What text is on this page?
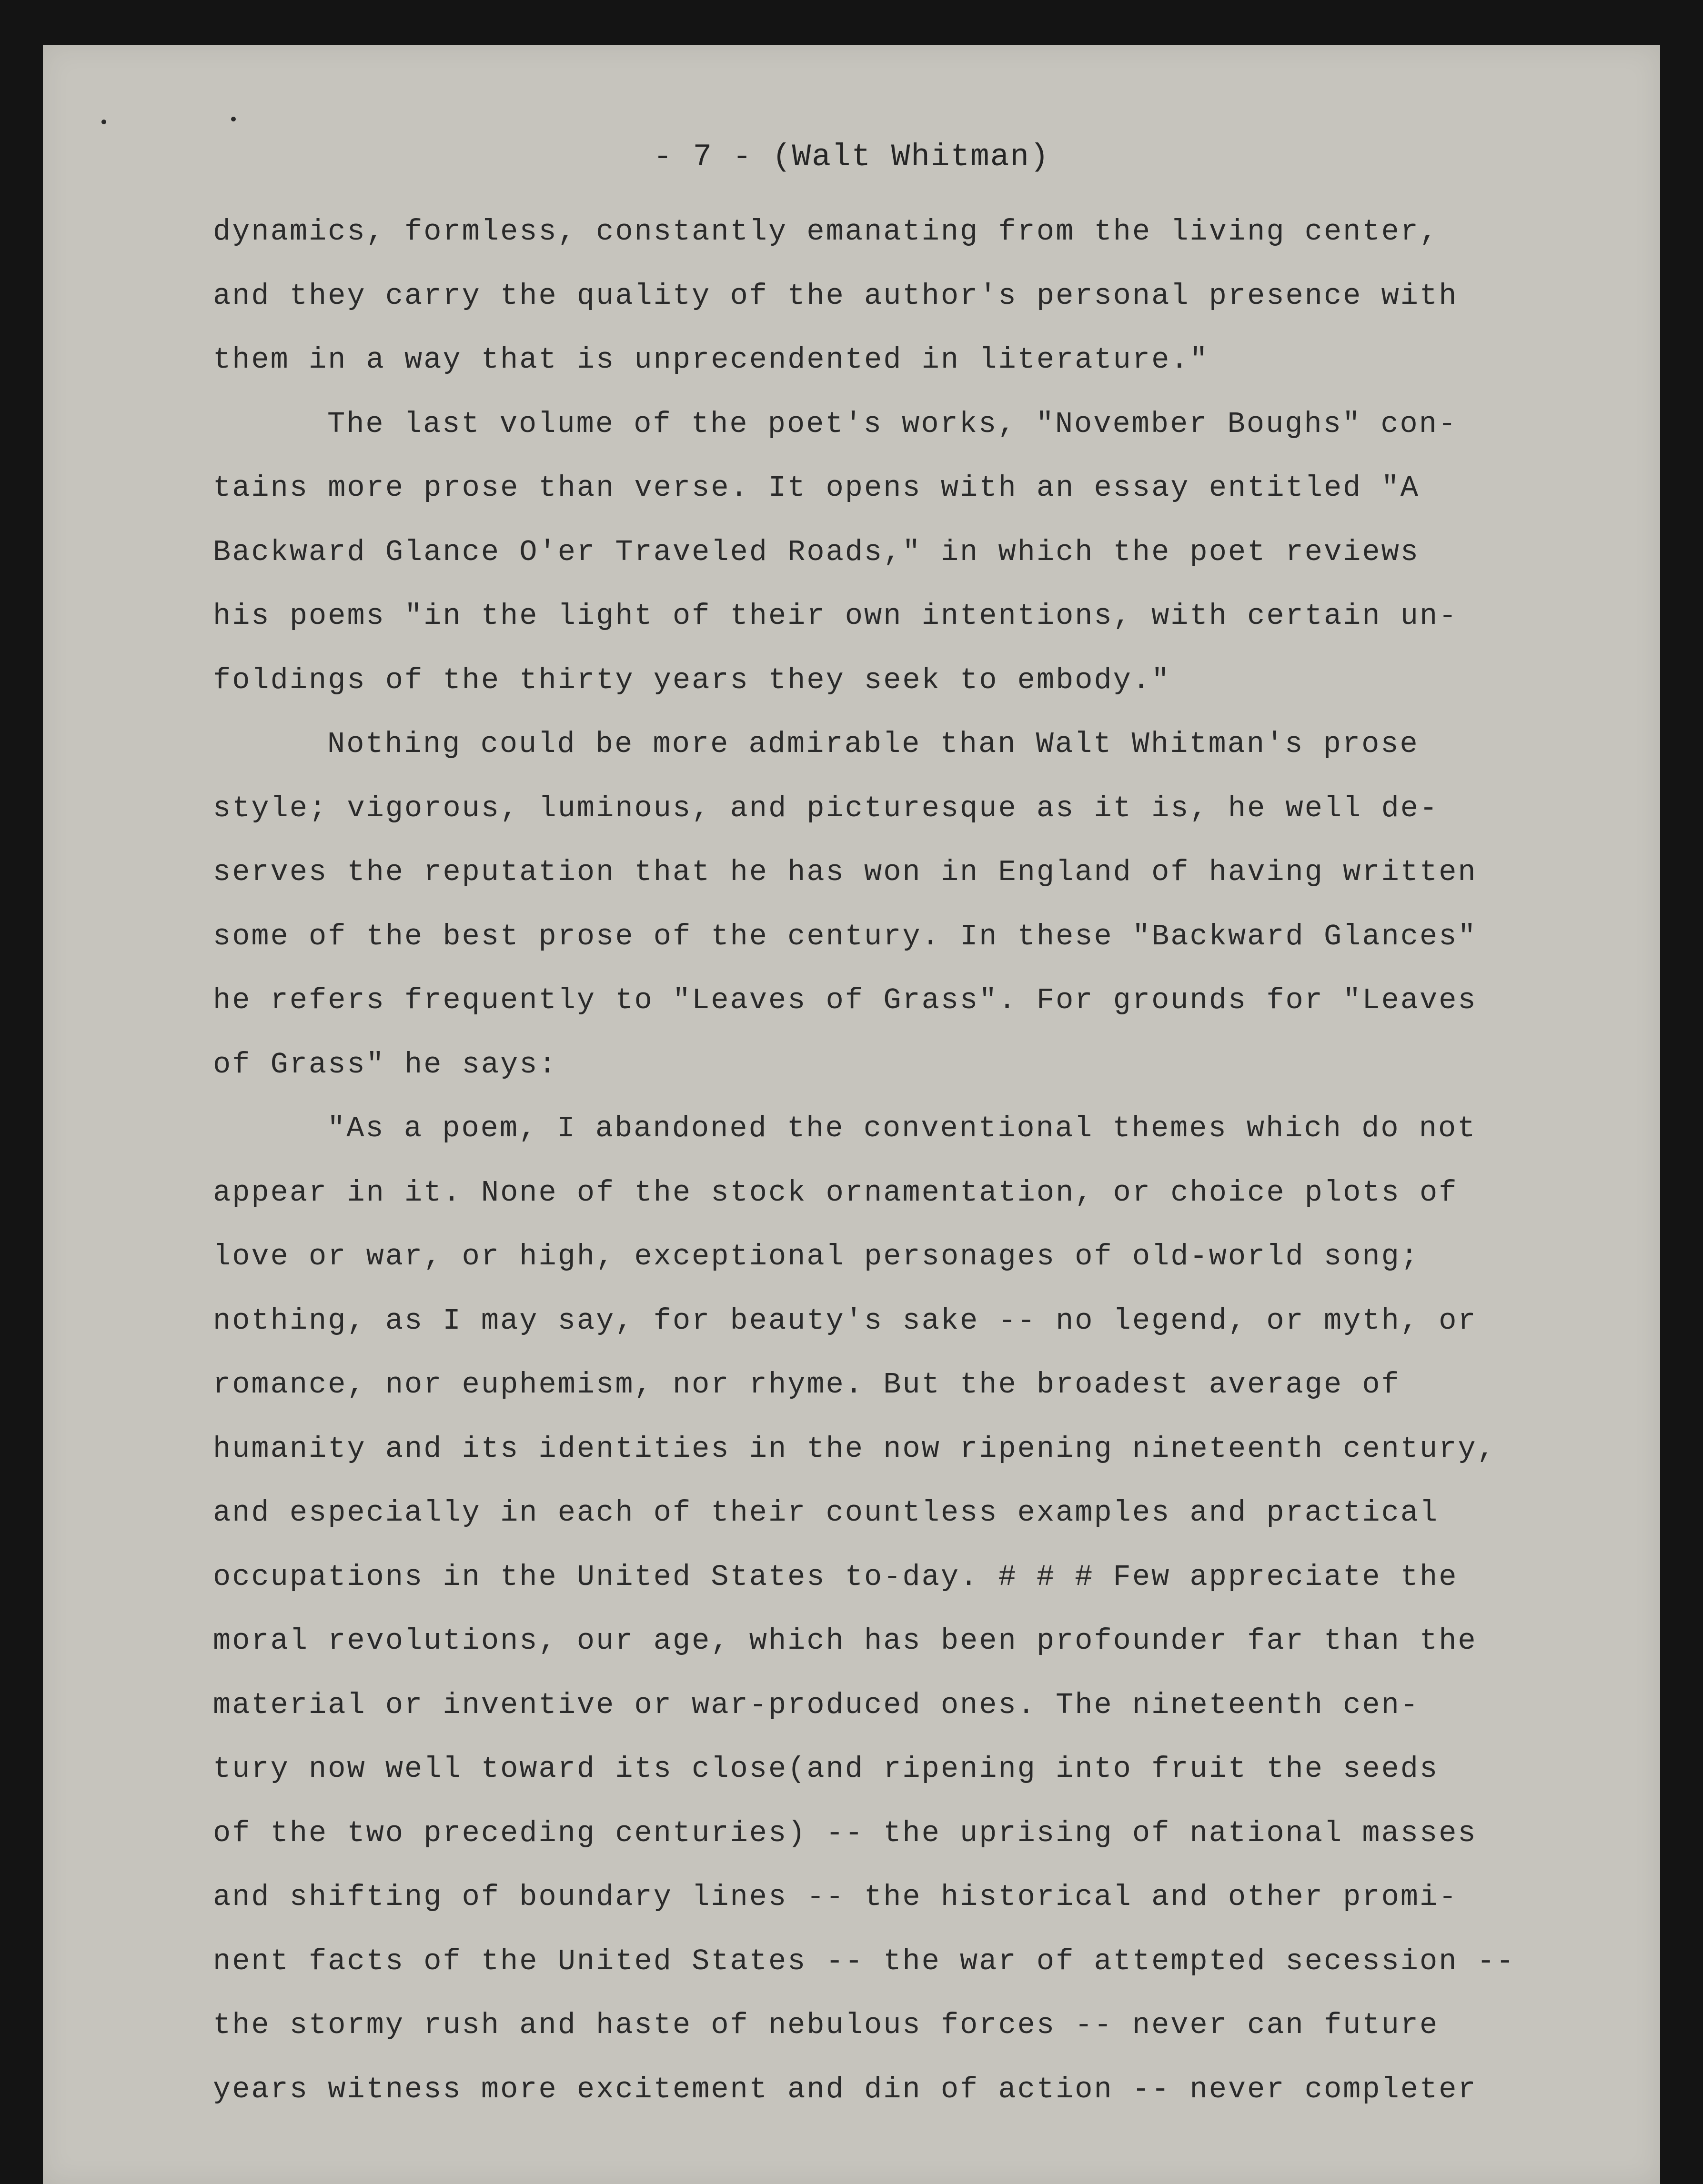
- 7 - (Walt Whitman)
dynamics, formless, constantly emanating from the living center,
and they carry the quality of the author's personal presence with
them in a way that is unprecendented in literature."
The last volume of the poet's works, "November Boughs" con-
tains more prose than verse. It opens with an essay entitled "A
Backward Glance O'er Traveled Roads," in which the poet reviews
his poems "in the light of their own intentions, with certain un-
foldings of the thirty years they seek to embody."
Nothing could be more admirable than Walt Whitman's prose
style; vigorous, luminous, and picturesque as it is, he well de-
serves the reputation that he has won in England of having written
some of the best prose of the century. In these "Backward Glances"
he refers frequently to "Leaves of Grass". For grounds for "Leaves
of Grass" he says:
"As a poem, I abandoned the conventional themes which do not
appear in it. None of the stock ornamentation, or choice plots of
love or war, or high, exceptional personages of old-world song;
nothing, as I may say, for beauty's sake -- no legend, or myth, or
romance, nor euphemism, nor rhyme. But the broadest average of
humanity and its identities in the now ripening nineteenth century,
and especially in each of their countless examples and practical
occupations in the United States to-day. # # # Few appreciate the
moral revolutions, our age, which has been profounder far than the
material or inventive or war-produced ones. The nineteenth cen-
tury now well toward its close(and ripening into fruit the seeds
of the two preceding centuries) -- the uprising of national masses
and shifting of boundary lines -- the historical and other promi-
nent facts of the United States -- the war of attempted secession --
the stormy rush and haste of nebulous forces -- never can future
years witness more excitement and din of action -- never completer
